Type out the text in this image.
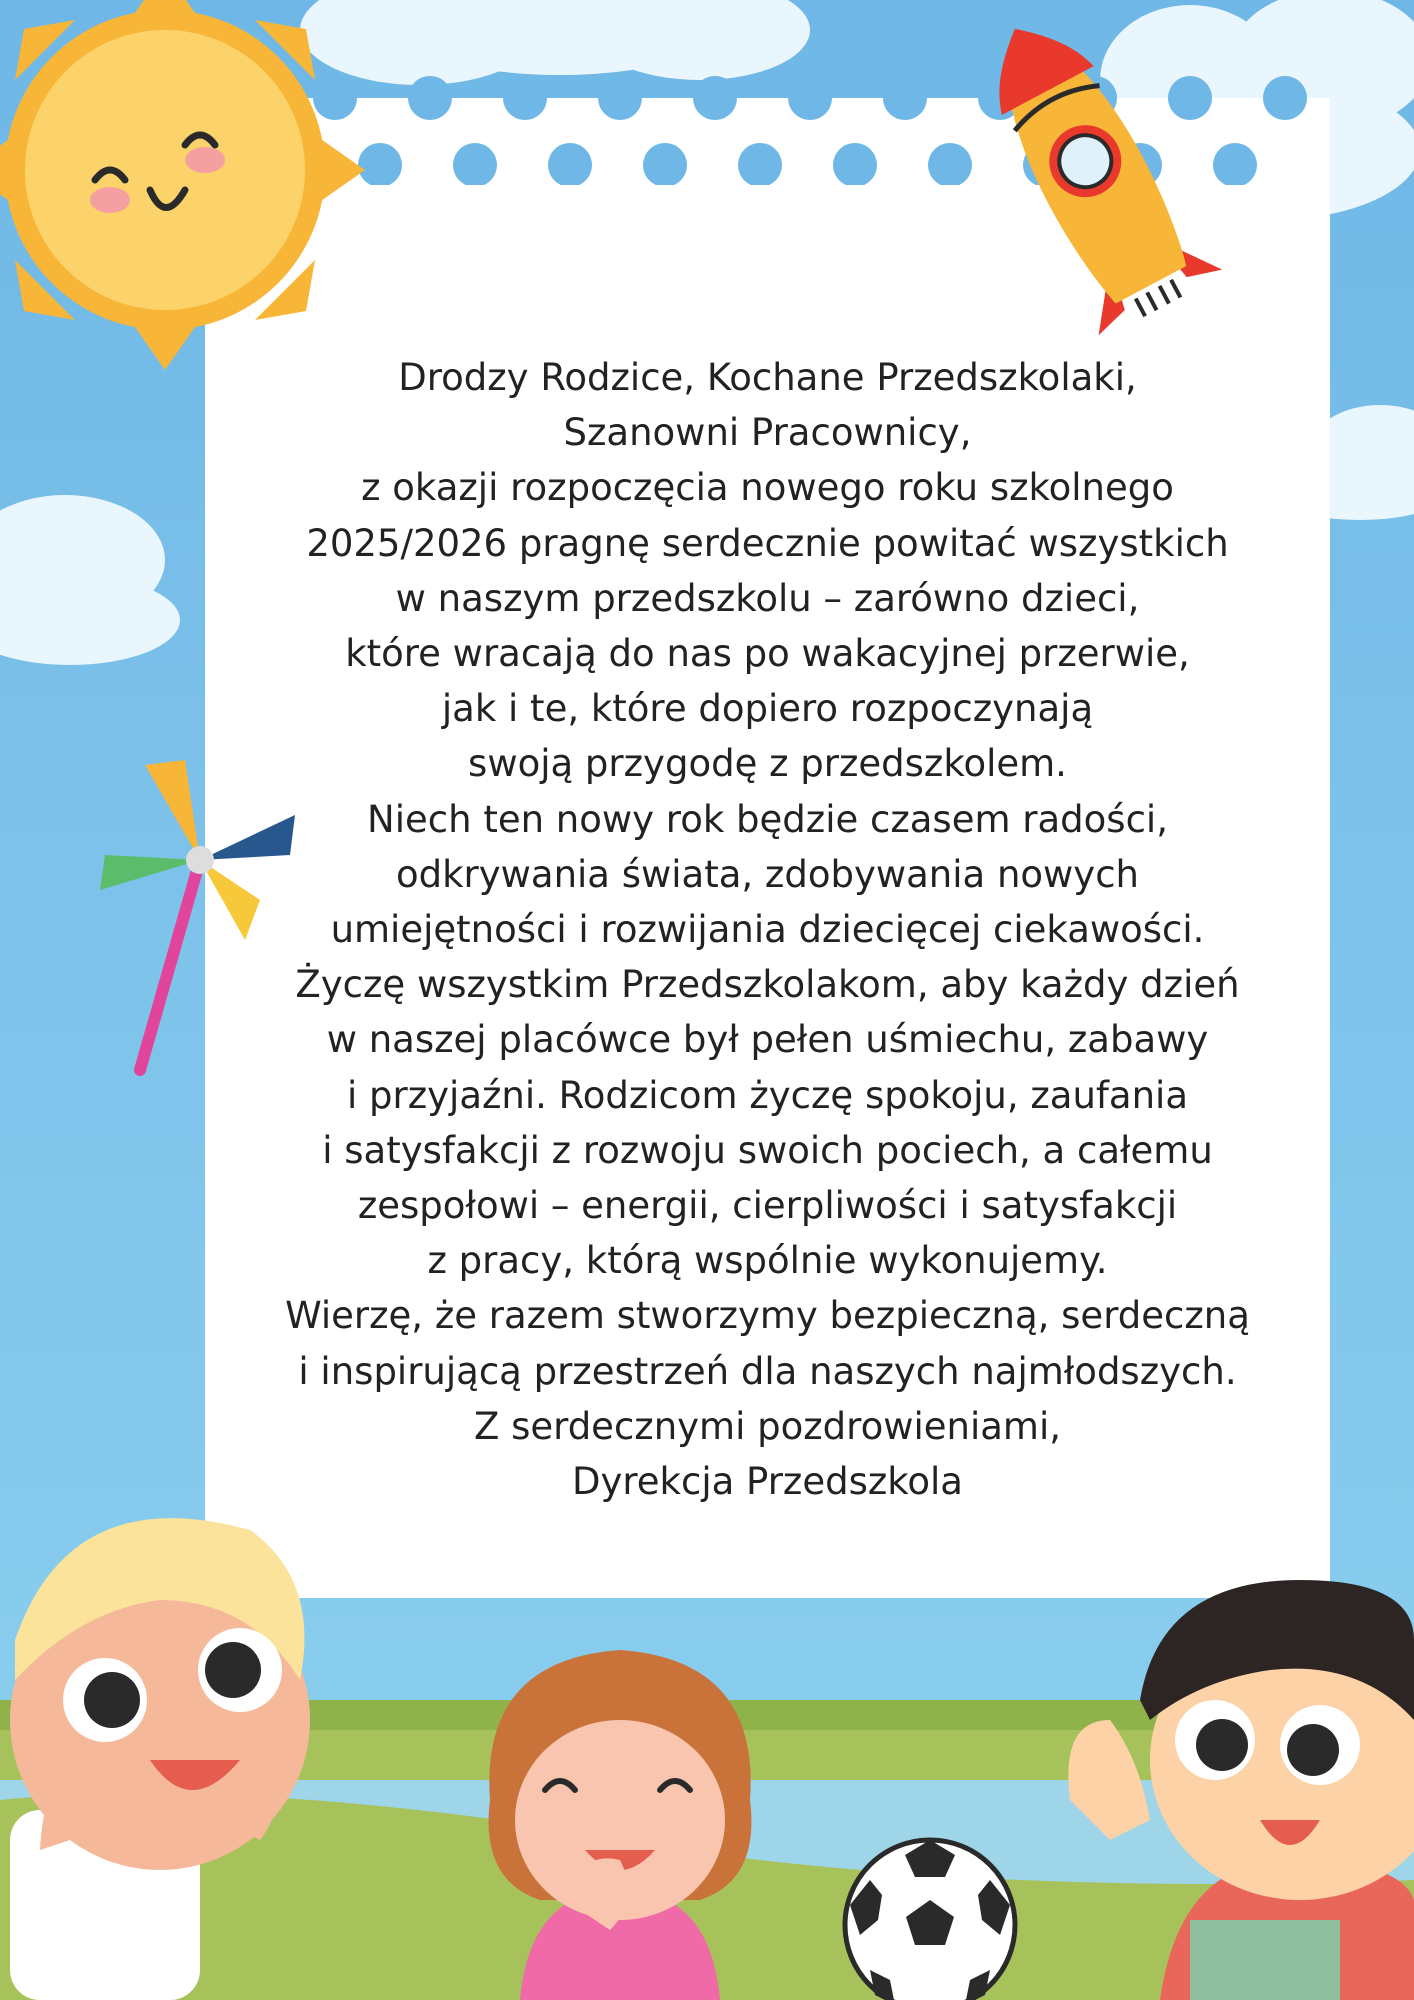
Drodzy Rodzice, Kochane Przedszkolaki,
Szanowni Pracownicy,
z okazji rozpoczęcia nowego roku szkolnego
2025/2026 pragnę serdecznie powitać wszystkich
w naszym przedszkolu – zarówno dzieci,
które wracają do nas po wakacyjnej przerwie,
jak i te, które dopiero rozpoczynają
swoją przygodę z przedszkolem.
Niech ten nowy rok będzie czasem radości,
odkrywania świata, zdobywania nowych
umiejętności i rozwijania dziecięcej ciekawości.
Życzę wszystkim Przedszkolakom, aby każdy dzień
w naszej placówce był pełen uśmiechu, zabawy
i przyjaźni. Rodzicom życzę spokoju, zaufania
i satysfakcji z rozwoju swoich pociech, a całemu
zespołowi – energii, cierpliwości i satysfakcji
z pracy, którą wspólnie wykonujemy.
Wierzę, że razem stworzymy bezpieczną, serdeczną
i inspirującą przestrzeń dla naszych najmłodszych.
Z serdecznymi pozdrowieniami,
Dyrekcja Przedszkola
